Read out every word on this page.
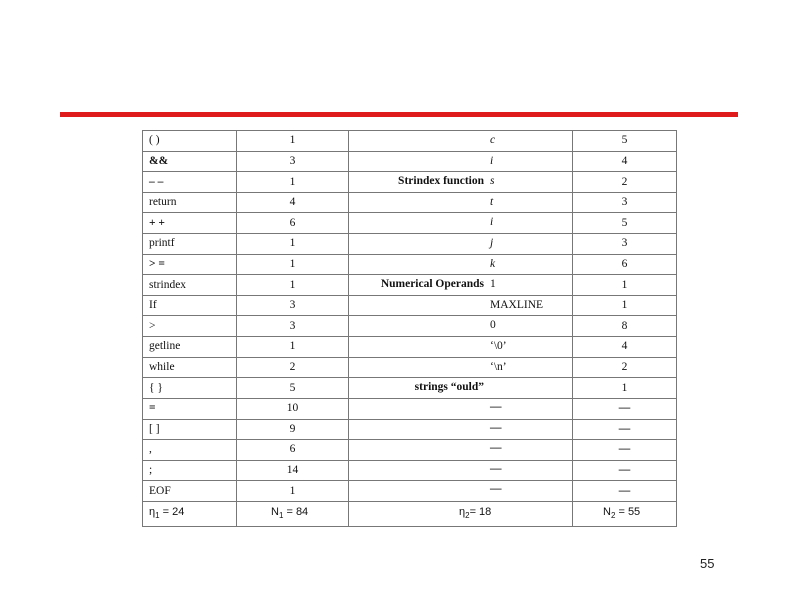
( )	1	c	5
&&	3	i	4
– –	1	Strindex function s	2
return	4	t	3
+ +	6	i	5
printf	1	j	3
> =	1	k	6
strindex	1	Numerical Operands 1	1
If	3	MAXLINE	1
>	3	0	8
getline	1	‘\0’	4
while	2	‘\n’	2
{ }	5	strings “ould”	1
=	10	—	—
[ ]	9	—	—
,	6	—	—
;	14	—	—
EOF	1	—	—
$\eta_1 = 24$	$N_1 = 84$	η2= 18	$N_2 = 55$
55
